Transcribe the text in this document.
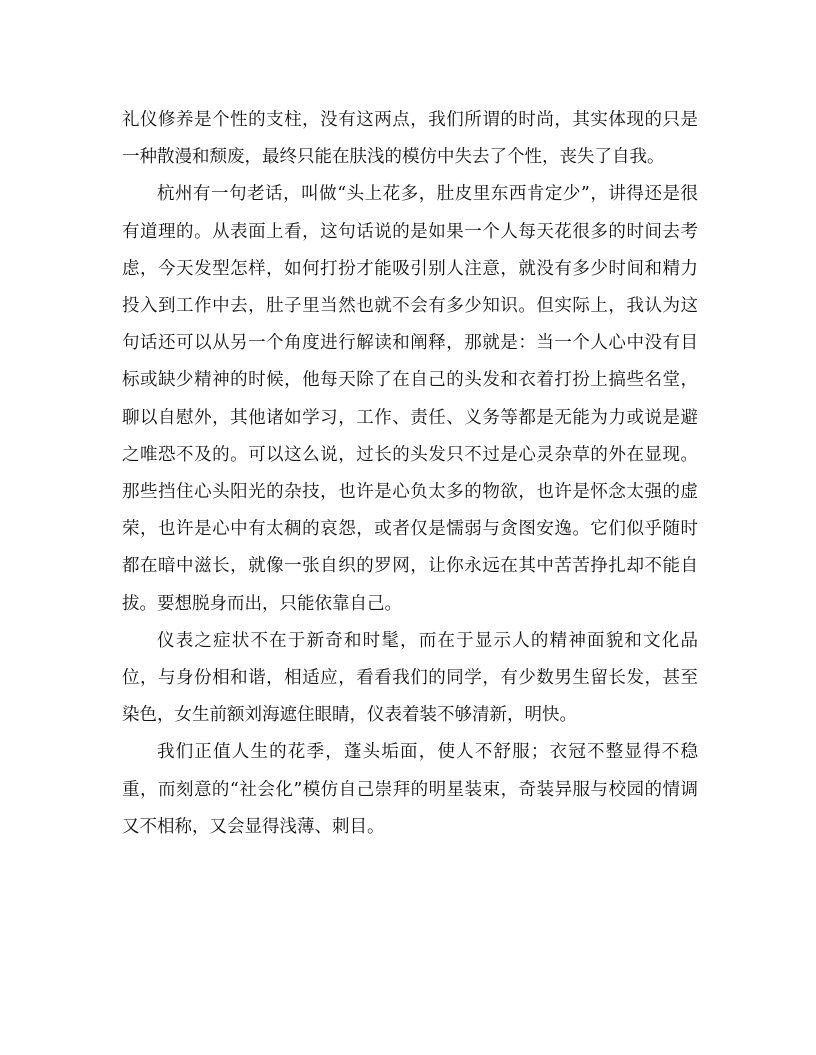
礼仪修养是个性的支柱，没有这两点，我们所谓的时尚，其实体现的只是一种散漫和颓废，最终只能在肤浅的模仿中失去了个性，丧失了自我。

杭州有一句老话，叫做“头上花多，肚皮里东西肯定少”，讲得还是很有道理的。从表面上看，这句话说的是如果一个人每天花很多的时间去考虑，今天发型怎样，如何打扮才能吸引别人注意，就没有多少时间和精力投入到工作中去，肚子里当然也就不会有多少知识。但实际上，我认为这句话还可以从另一个角度进行解读和阐释，那就是：当一个人心中没有目标或缺少精神的时候，他每天除了在自己的头发和衣着打扮上搞些名堂，聊以自慰外，其他诸如学习，工作、责任、义务等都是无能为力或说是避之唯恐不及的。可以这么说，过长的头发只不过是心灵杂草的外在显现。那些挡住心头阳光的杂技，也许是心负太多的物欲，也许是怀念太强的虚荣，也许是心中有太稠的哀怨，或者仅是懦弱与贪图安逸。它们似乎随时都在暗中滋长，就像一张自织的罗网，让你永远在其中苦苦挣扎却不能自拔。要想脱身而出，只能依靠自己。

仪表之症状不在于新奇和时髦，而在于显示人的精神面貌和文化品位，与身份相和谐，相适应，看看我们的同学，有少数男生留长发，甚至染色，女生前额刘海遮住眼睛，仪表着装不够清新，明快。

我们正值人生的花季，蓬头垢面，使人不舒服；衣冠不整显得不稳重，而刻意的“社会化”模仿自己崇拜的明星装束，奇装异服与校园的情调又不相称，又会显得浅薄、刺目。
